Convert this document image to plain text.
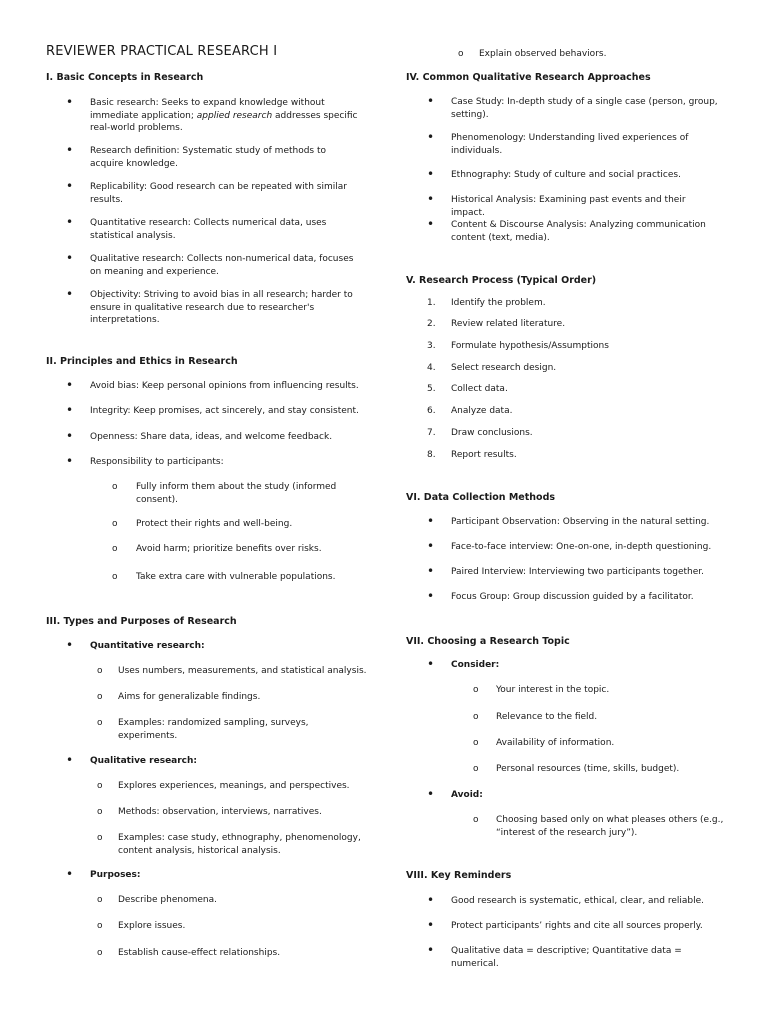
REVIEWER PRACTICAL RESEARCH I
I. Basic Concepts in Research
• Basic research: Seeks to expand knowledge without immediate application; applied research addresses specific real-world problems.
• Research definition: Systematic study of methods to acquire knowledge.
• Replicability: Good research can be repeated with similar results.
• Quantitative research: Collects numerical data, uses statistical analysis.
• Qualitative research: Collects non-numerical data, focuses on meaning and experience.
• Objectivity: Striving to avoid bias in all research; harder to ensure in qualitative research due to researcher's interpretations.
II. Principles and Ethics in Research
• Avoid bias: Keep personal opinions from influencing results.
• Integrity: Keep promises, act sincerely, and stay consistent.
• Openness: Share data, ideas, and welcome feedback.
• Responsibility to participants:
o Fully inform them about the study (informed consent).
o Protect their rights and well-being.
o Avoid harm; prioritize benefits over risks.
o Take extra care with vulnerable populations.
III. Types and Purposes of Research
• Quantitative research:
o Uses numbers, measurements, and statistical analysis.
o Aims for generalizable findings.
o Examples: randomized sampling, surveys, experiments.
• Qualitative research:
o Explores experiences, meanings, and perspectives.
o Methods: observation, interviews, narratives.
o Examples: case study, ethnography, phenomenology, content analysis, historical analysis.
• Purposes:
o Describe phenomena.
o Explore issues.
o Establish cause-effect relationships.
o Explain observed behaviors.
IV. Common Qualitative Research Approaches
• Case Study: In-depth study of a single case (person, group, setting).
• Phenomenology: Understanding lived experiences of individuals.
• Ethnography: Study of culture and social practices.
• Historical Analysis: Examining past events and their impact.
• Content & Discourse Analysis: Analyzing communication content (text, media).
V. Research Process (Typical Order)
1. Identify the problem.
2. Review related literature.
3. Formulate hypothesis/Assumptions
4. Select research design.
5. Collect data.
6. Analyze data.
7. Draw conclusions.
8. Report results.
VI. Data Collection Methods
• Participant Observation: Observing in the natural setting.
• Face-to-face interview: One-on-one, in-depth questioning.
• Paired Interview: Interviewing two participants together.
• Focus Group: Group discussion guided by a facilitator.
VII. Choosing a Research Topic
• Consider:
o Your interest in the topic.
o Relevance to the field.
o Availability of information.
o Personal resources (time, skills, budget).
• Avoid:
o Choosing based only on what pleases others (e.g., “interest of the research jury”).
VIII. Key Reminders
• Good research is systematic, ethical, clear, and reliable.
• Protect participants’ rights and cite all sources properly.
• Qualitative data = descriptive; Quantitative data = numerical.
